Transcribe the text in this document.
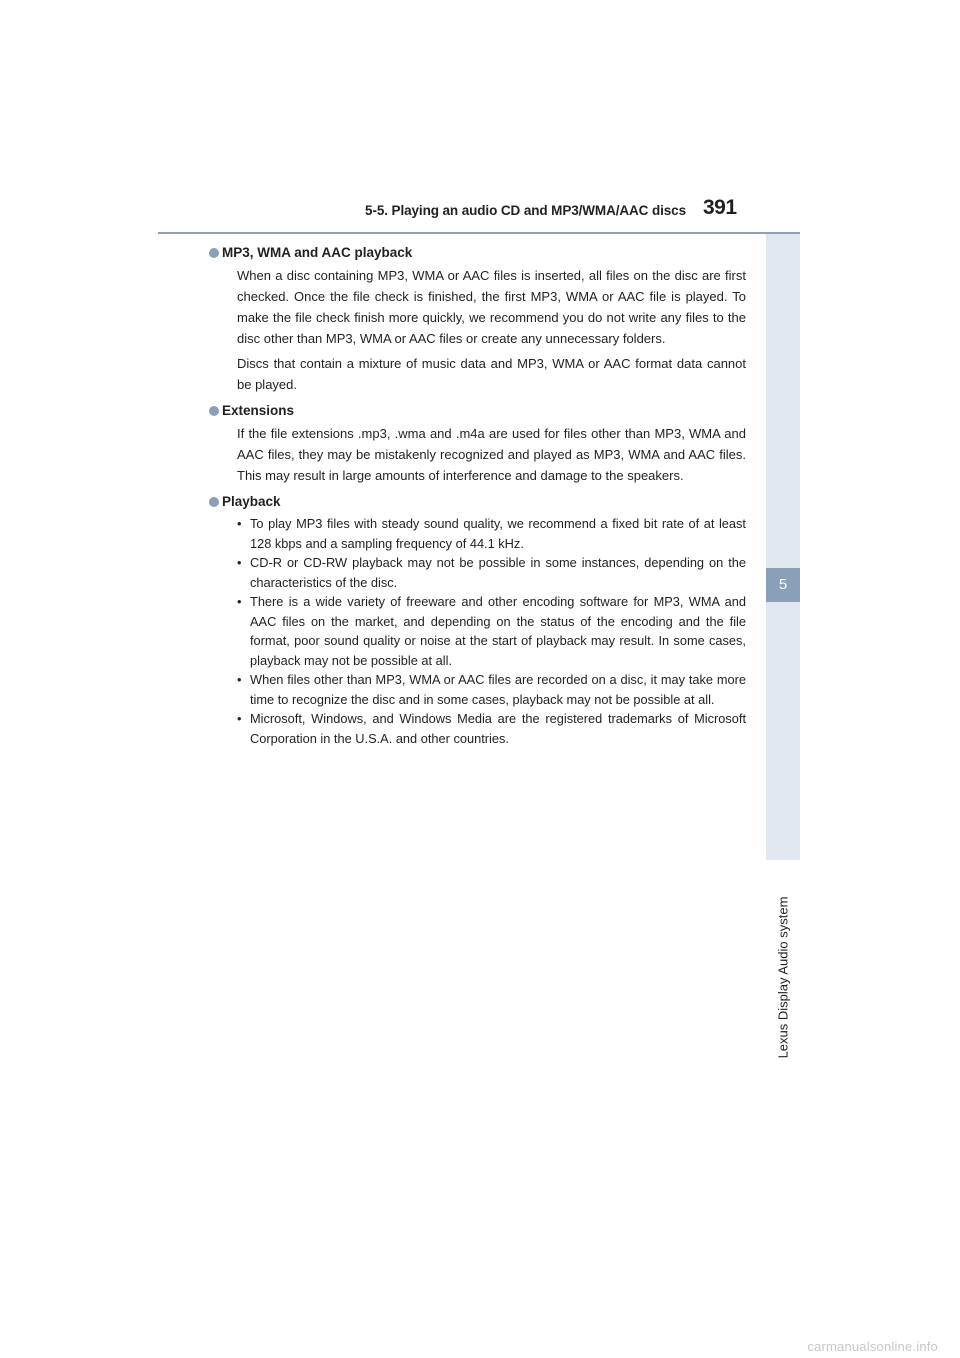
5-5. Playing an audio CD and MP3/WMA/AAC discs 391
5
Lexus Display Audio system
MP3, WMA and AAC playback

When a disc containing MP3, WMA or AAC files is inserted, all files on the disc are first checked. Once the file check is finished, the first MP3, WMA or AAC file is played. To make the file check finish more quickly, we recommend you do not write any files to the disc other than MP3, WMA or AAC files or create any unnecessary folders.

Discs that contain a mixture of music data and MP3, WMA or AAC format data cannot be played.

Extensions

If the file extensions .mp3, .wma and .m4a are used for files other than MP3, WMA and AAC files, they may be mistakenly recognized and played as MP3, WMA and AAC files. This may result in large amounts of interference and damage to the speakers.

Playback
• To play MP3 files with steady sound quality, we recommend a fixed bit rate of at least 128 kbps and a sampling frequency of 44.1 kHz.
• CD-R or CD-RW playback may not be possible in some instances, depending on the characteristics of the disc.
• There is a wide variety of freeware and other encoding software for MP3, WMA and AAC files on the market, and depending on the status of the encoding and the file format, poor sound quality or noise at the start of playback may result. In some cases, playback may not be possible at all.
• When files other than MP3, WMA or AAC files are recorded on a disc, it may take more time to recognize the disc and in some cases, playback may not be possible at all.
• Microsoft, Windows, and Windows Media are the registered trademarks of Microsoft Corporation in the U.S.A. and other countries.
carmanualsonline.info
